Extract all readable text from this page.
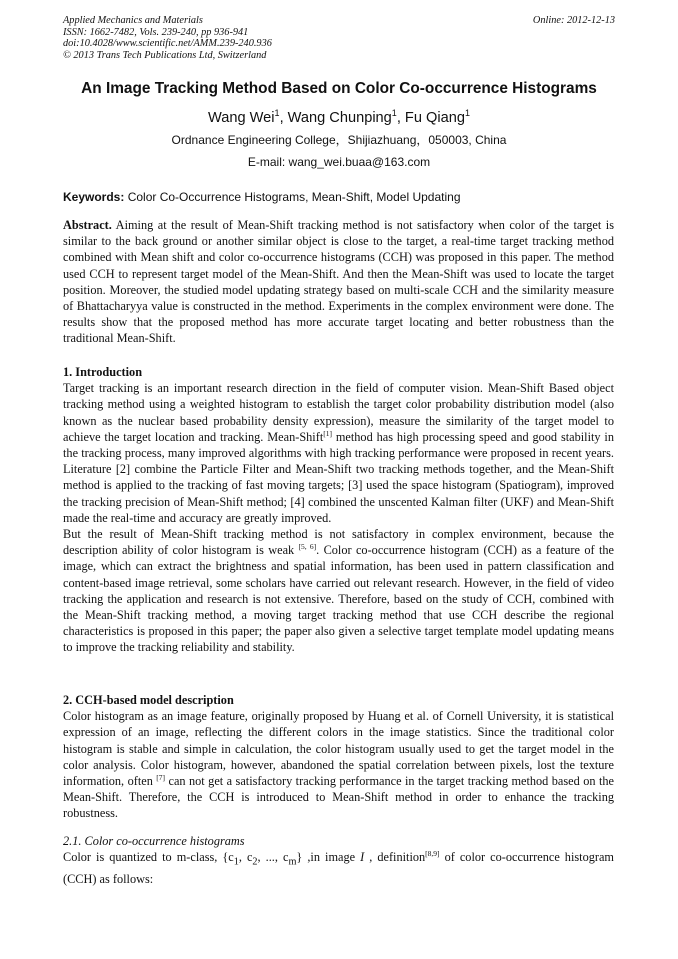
Applied Mechanics and Materials
ISSN: 1662-7482, Vols. 239-240, pp 936-941
doi:10.4028/www.scientific.net/AMM.239-240.936
© 2013 Trans Tech Publications Ltd, Switzerland
Online: 2012-12-13
An Image Tracking Method Based on Color Co-occurrence Histograms
Wang Wei$^1$, Wang Chunping$^1$, Fu Qiang$^1$
Ordnance Engineering College，Shijiazhuang，050003, China
E-mail: wang_wei.buaa@163.com
Keywords: Color Co-Occurrence Histograms, Mean-Shift, Model Updating

Abstract. Aiming at the result of Mean-Shift tracking method is not satisfactory when color of the target is similar to the back ground or another similar object is close to the target, a real-time target tracking method combined with Mean shift and color co-occurrence histograms (CCH) was proposed in this paper. The method used CCH to represent target model of the Mean-Shift. And then the Mean-Shift was used to locate the target position. Moreover, the studied model updating strategy based on multi-scale CCH and the similarity measure of Bhattacharyya value is constructed in the method. Experiments in the complex environment were done. The results show that the proposed method has more accurate target locating and better robustness than the traditional Mean-Shift.

1. Introduction

Target tracking is an important research direction in the field of computer vision. Mean-Shift Based object tracking method using a weighted histogram to establish the target color probability distribution model (also known as the nuclear based probability density expression), measure the similarity of the target model to achieve the target location and tracking. Mean-Shift[1] method has high processing speed and good stability in the tracking process, many improved algorithms with high tracking performance were proposed in recent years. Literature [2] combine the Particle Filter and Mean-Shift two tracking methods together, and the Mean-Shift method is applied to the tracking of fast moving targets; [3] used the space histogram (Spatiogram), improved the tracking precision of Mean-Shift method; [4] combined the unscented Kalman filter (UKF) and Mean-Shift made the real-time and accuracy are greatly improved.

But the result of Mean-Shift tracking method is not satisfactory in complex environment, because the description ability of color histogram is weak [5, 6]. Color co-occurrence histogram (CCH) as a feature of the image, which can extract the brightness and spatial information, has been used in pattern classification and content-based image retrieval, some scholars have carried out relevant research. However, in the field of video tracking the application and research is not extensive. Therefore, based on the study of CCH, combined with the Mean-Shift tracking method, a moving target tracking method that use CCH describe the regional characteristics is proposed in this paper; the paper also given a selective target template model updating means to improve the tracking reliability and stability.

2. CCH-based model description

Color histogram as an image feature, originally proposed by Huang et al. of Cornell University, it is statistical expression of an image, reflecting the different colors in the image statistics. Since the traditional color histogram is stable and simple in calculation, the color histogram usually used to get the target model in the color analysis. Color histogram, however, abandoned the spatial correlation between pixels, lost the texture information, often [7] can not get a satisfactory tracking performance in the target tracking method based on the Mean-Shift. Therefore, the CCH is introduced to Mean-Shift method in order to enhance the tracking robustness.

2.1. Color co-occurrence histograms

Color is quantized to m-class, {$c_1$, $c_2$, ..., $c_m$} ,in image I , definition[8,9] of color co-occurrence histogram (CCH) as follows:
